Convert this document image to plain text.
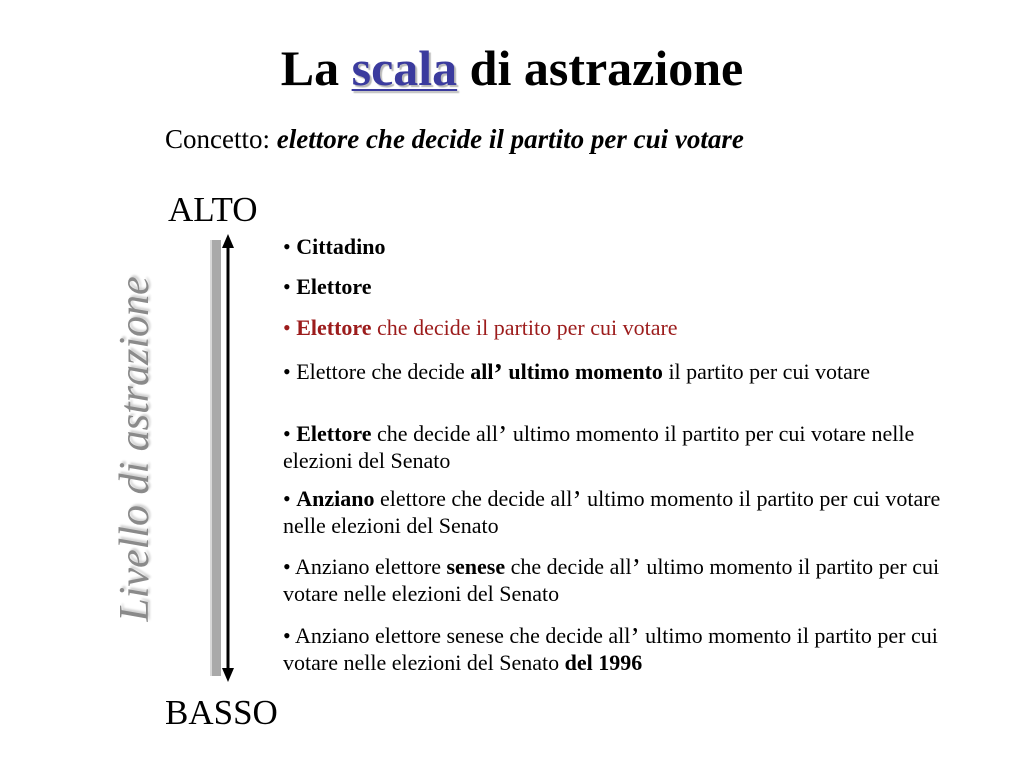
La scala di astrazione
Concetto: elettore che decide il partito per cui votare
ALTO
BASSO
Livello di astrazione
• Cittadino
• Elettore
• Elettore che decide il partito per cui votare
• Elettore che decide all’ ultimo momento il partito per cui votare
• Elettore che decide all’ ultimo momento il partito per cui votare nelle elezioni del Senato
• Anziano elettore che decide all’ ultimo momento il partito per cui votare nelle elezioni del Senato
• Anziano elettore senese che decide all’ ultimo momento il partito per cui votare nelle elezioni del Senato
• Anziano elettore senese che decide all’ ultimo momento il partito per cui votare nelle elezioni del Senato del 1996
